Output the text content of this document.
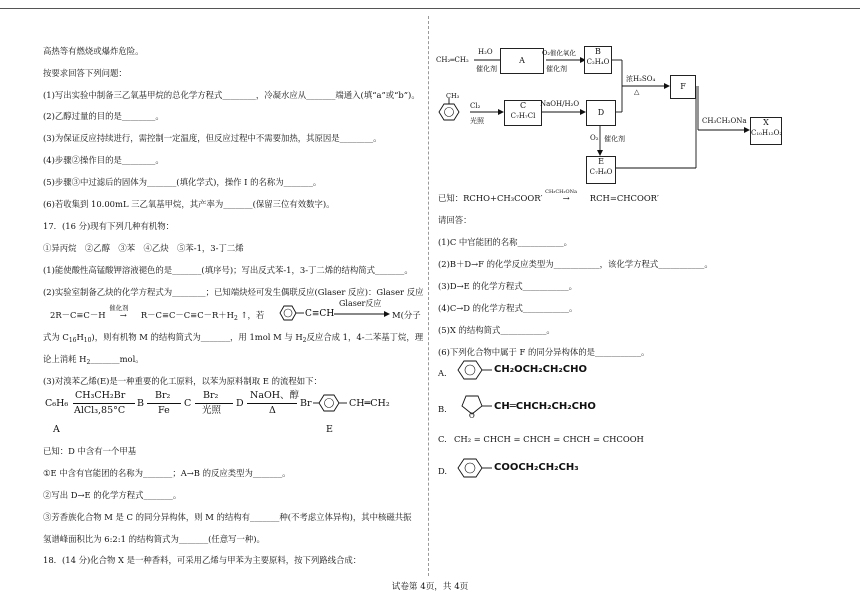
高热等有燃烧或爆炸危险。
按要求回答下列问题：
(1)写出实验中制备三乙氧基甲烷的总化学方程式________，冷凝水应从_______端通入(填“a”或“b”)。
(2)乙醇过量的目的是________。
(3)为保证反应持续进行，需控制一定温度，但反应过程中不需要加热，其原因是________。
(4)步骤②操作目的是________。
(5)步骤③中过滤后的固体为_______(填化学式)，操作 I 的名称为_______。
(6)若收集到 10.00mL 三乙氧基甲烷，其产率为_______(保留三位有效数字)。
17．(16 分)现有下列几种有机物：
①异丙烷　②乙醇　③苯　④乙炔　⑤苯-1，3-丁二烯
(1)能使酸性高锰酸钾溶液褪色的是_______(填序号)；写出反式苯-1，3-丁二烯的结构简式_______。
(2)实验室制备乙炔的化学方程式为________；已知端炔烃可发生偶联反应(Glaser 反应)：Glaser 反应
2R－C≡C－H
催化剂
→ $R-C\equiv C-C\equiv C-R+H_2$ ↑，若	C≡CH
Glaser反应
M(分子
式为 $C_{16}H_{10}$)，则有机物 M 的结构简式为_______，用 1mol M 与 $H_2$反应合成 1，4-二苯基丁烷，理
论上消耗 $H_2\_\_\_\_\_\_\_mol$。
(3)对溴苯乙烯(E)是一种重要的化工原料，以苯为原料制取 E 的流程如下：
C₆H₆
CH₃CH₂Br
AlCl₃,85°C
B
Br₂
Fe
C
Br₂
光照
D
NaOH、醇
Δ
Br	CH═CH₂
A	E
已知：D 中含有一个甲基
①E 中含有官能团的名称为_______；A→B 的反应类型为_______。
②写出 D→E 的化学方程式_______。
③芳香族化合物 M 是 C 的同分异构体，则 M 的结构有_______种(不考虑立体异构)，其中核磁共振
氢谱峰面积比为 6:2:1 的结构简式为_______(任意写一种)。
18．(14 分)化合物 X 是一种香料，可采用乙烯与甲苯为主要原料，按下列路线合成：
CH₂═CH₂
CH₃
H₂O
催化剂
A
O₂催化氧化
催化剂
B
C₂H₄O
浓H₂SO₄
△
F
Cl₂
光照
C
C₇H₇Cl
NaOH/H₂O
D
O₂ 催化剂
E
C₇H₆O
CH₃CH₂ONa	X
C₁₀H₁₂O₂
已知：RCHO+CH₃COOR′
CH₃CH₂ONa
→ RCH=CHCOOR′
请回答：
(1)C 中官能团的名称___________。
(2)B＋D→F 的化学反应类型为___________，该化学方程式___________。
(3)D→E 的化学方程式___________。
(4)C→D 的化学方程式___________。
(5)X 的结构简式___________。
(6)下列化合物中属于 F 的同分异构体的是___________。
A.	CH₂OCH₂CH₂CHO
B.
O
CH═CHCH₂CH₂CHO
C. CH₂ = CHCH = CHCH = CHCH = CHCOOH
D.	COOCH₂CH₂CH₃
试卷第 4页，共 4页
